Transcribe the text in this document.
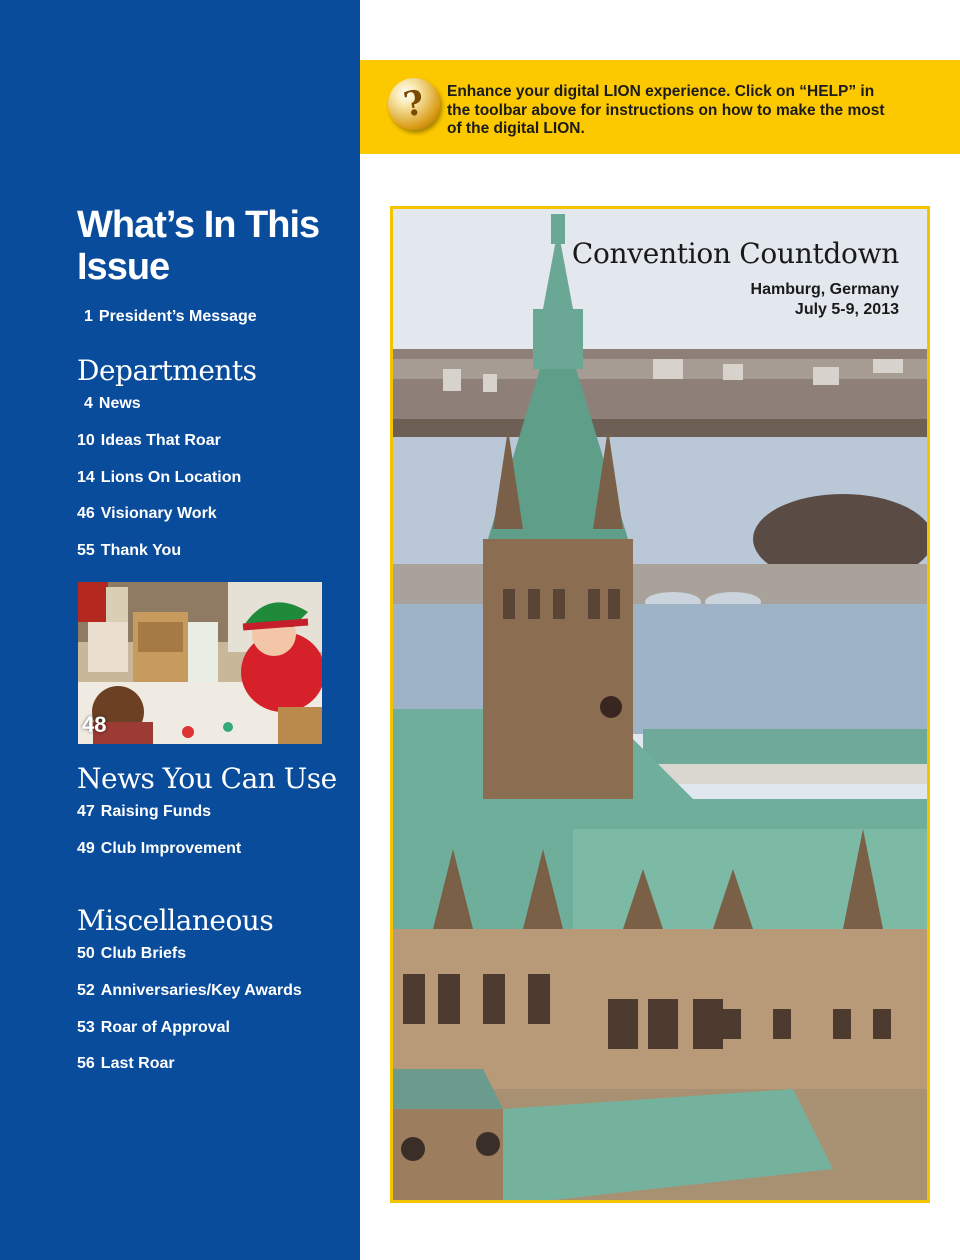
What’s In This Issue
1 President’s Message
Departments
4 News
10 Ideas That Roar
14 Lions On Location
46 Visionary Work
55 Thank You
48
News You Can Use
47 Raising Funds
49 Club Improvement
Miscellaneous
50 Club Briefs
52 Anniversaries/Key Awards
53 Roar of Approval
56 Last Roar
? Enhance your digital LION experience. Click on “HELP” in the toolbar above for instructions on how to make the most of the digital LION.
Convention Countdown
Hamburg, Germany
July 5-9, 2013
